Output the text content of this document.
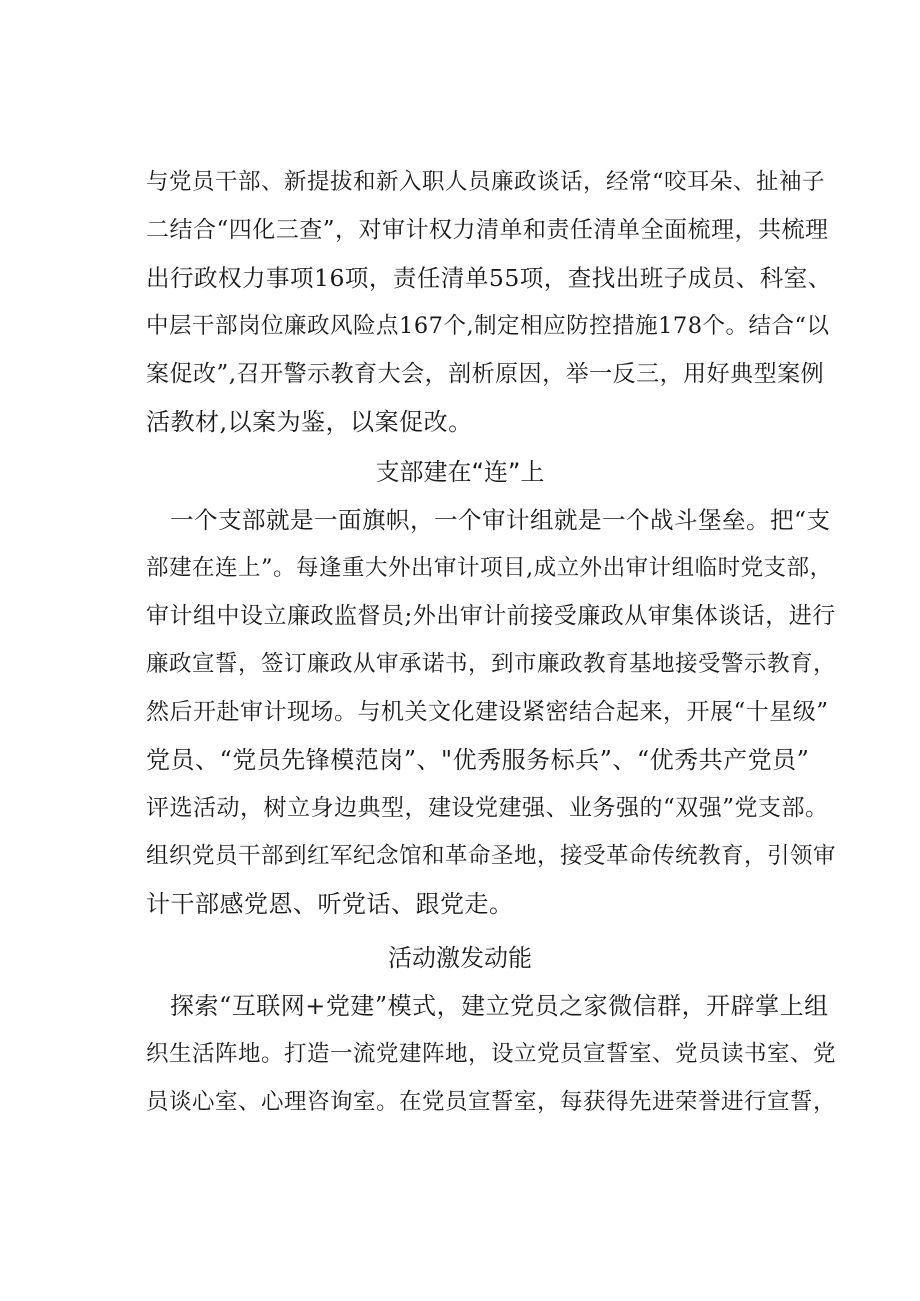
与党员干部、新提拔和新入职人员廉政谈话，经常“咬耳朵、扯袖子
二结合“四化三查”，对审计权力清单和责任清单全面梳理，共梳理
出行政权力事项16项，责任清单55项，查找出班子成员、科室、
中层干部岗位廉政风险点167个,制定相应防控措施178个。结合“以
案促改”,召开警示教育大会，剖析原因，举一反三，用好典型案例
活教材,以案为鉴，以案促改。
支部建在“连”上
一个支部就是一面旗帜，一个审计组就是一个战斗堡垒。把“支
部建在连上”。每逢重大外出审计项目,成立外出审计组临时党支部，
审计组中设立廉政监督员;外出审计前接受廉政从审集体谈话，进行
廉政宣誓，签订廉政从审承诺书，到市廉政教育基地接受警示教育，
然后开赴审计现场。与机关文化建设紧密结合起来，开展“十星级”
党员、“党员先锋模范岗”、"优秀服务标兵”、“优秀共产党员”
评选活动，树立身边典型，建设党建强、业务强的“双强”党支部。
组织党员干部到红军纪念馆和革命圣地，接受革命传统教育，引领审
计干部感党恩、听党话、跟党走。
活动激发动能
探索“互联网+党建”模式，建立党员之家微信群，开辟掌上组
织生活阵地。打造一流党建阵地，设立党员宣誓室、党员读书室、党
员谈心室、心理咨询室。在党员宣誓室，每获得先进荣誉进行宣誓，
